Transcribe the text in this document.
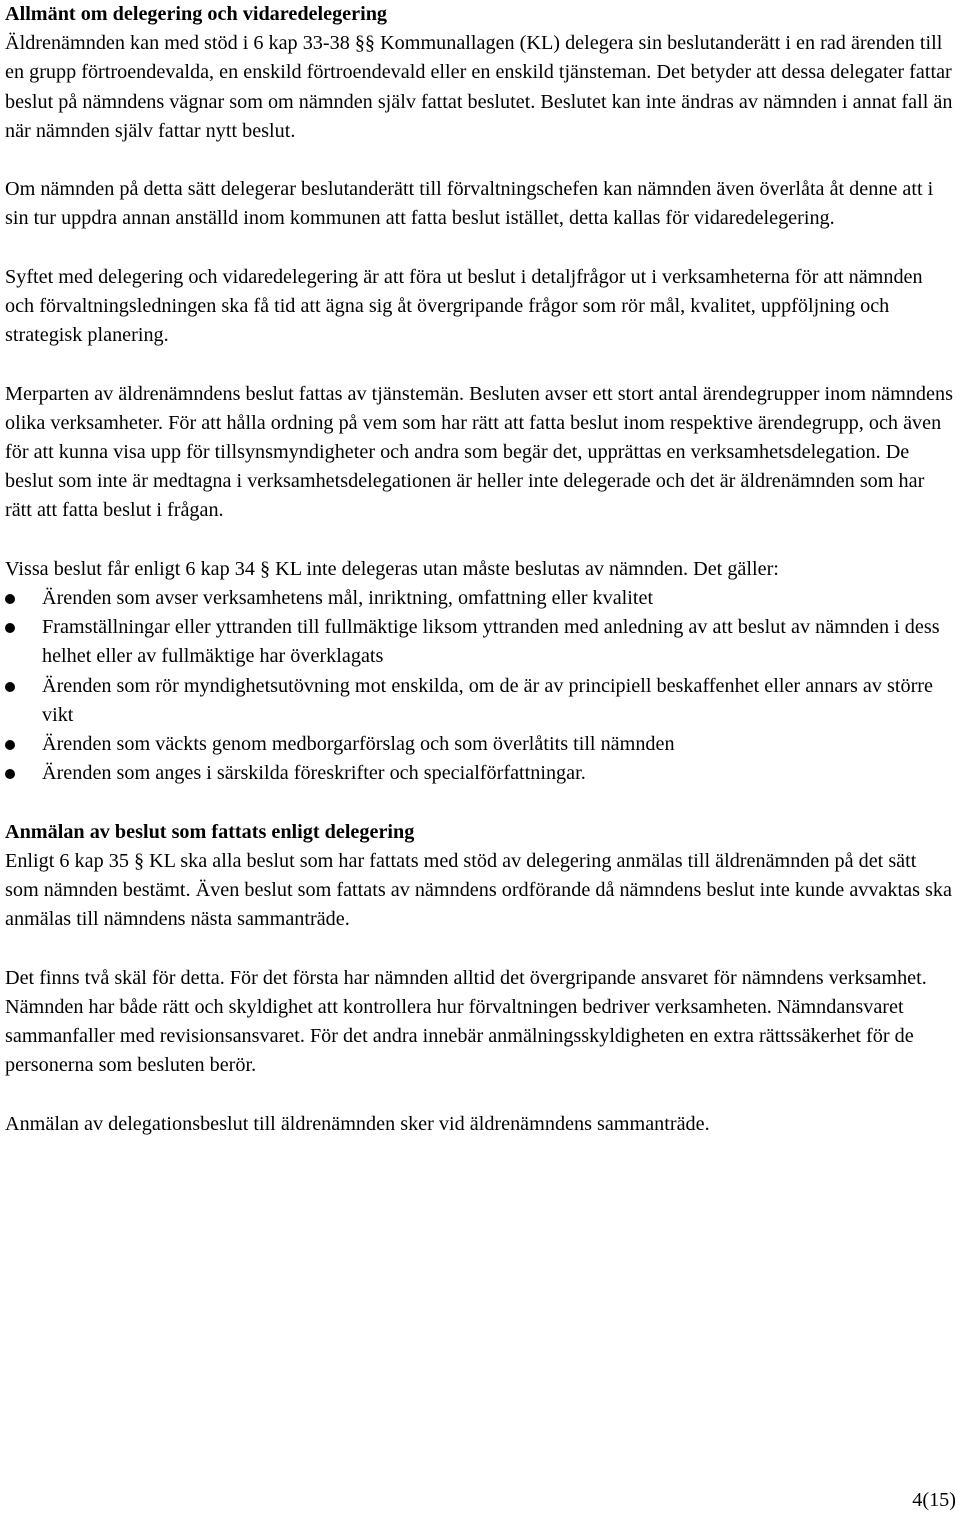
Allmänt om delegering och vidaredelegering

Äldrenämnden kan med stöd i 6 kap 33-38 §§ Kommunallagen (KL) delegera sin beslutanderätt i en rad ärenden till en grupp förtroendevalda, en enskild förtroendevald eller en enskild tjänsteman. Det betyder att dessa delegater fattar beslut på nämndens vägnar som om nämnden själv fattat beslutet. Beslutet kan inte ändras av nämnden i annat fall än när nämnden själv fattar nytt beslut.

Om nämnden på detta sätt delegerar beslutanderätt till förvaltningschefen kan nämnden även överlåta åt denne att i sin tur uppdra annan anställd inom kommunen att fatta beslut istället, detta kallas för vidaredelegering.

Syftet med delegering och vidaredelegering är att föra ut beslut i detaljfrågor ut i verksamheterna för att nämnden och förvaltningsledningen ska få tid att ägna sig åt övergripande frågor som rör mål, kvalitet, uppföljning och strategisk planering.

Merparten av äldrenämndens beslut fattas av tjänstemän. Besluten avser ett stort antal ärendegrupper inom nämndens olika verksamheter. För att hålla ordning på vem som har rätt att fatta beslut inom respektive ärendegrupp, och även för att kunna visa upp för tillsynsmyndigheter och andra som begär det, upprättas en verksamhetsdelegation. De beslut som inte är medtagna i verksamhetsdelegationen är heller inte delegerade och det är äldrenämnden som har rätt att fatta beslut i frågan.

Vissa beslut får enligt 6 kap 34 § KL inte delegeras utan måste beslutas av nämnden. Det gäller:

Ärenden som avser verksamhetens mål, inriktning, omfattning eller kvalitet
Framställningar eller yttranden till fullmäktige liksom yttranden med anledning av att beslut av nämnden i dess helhet eller av fullmäktige har överklagats
Ärenden som rör myndighetsutövning mot enskilda, om de är av principiell beskaffenhet eller annars av större vikt
Ärenden som väckts genom medborgarförslag och som överlåtits till nämnden
Ärenden som anges i särskilda föreskrifter och specialförfattningar.
Anmälan av beslut som fattats enligt delegering

Enligt 6 kap 35 § KL ska alla beslut som har fattats med stöd av delegering anmälas till äldrenämnden på det sätt som nämnden bestämt. Även beslut som fattats av nämndens ordförande då nämndens beslut inte kunde avvaktas ska anmälas till nämndens nästa sammanträde.

Det finns två skäl för detta. För det första har nämnden alltid det övergripande ansvaret för nämndens verksamhet. Nämnden har både rätt och skyldighet att kontrollera hur förvaltningen bedriver verksamheten. Nämndansvaret sammanfaller med revisionsansvaret. För det andra innebär anmälningsskyldigheten en extra rättssäkerhet för de personerna som besluten berör.

Anmälan av delegationsbeslut till äldrenämnden sker vid äldrenämndens sammanträde.

4(15)
